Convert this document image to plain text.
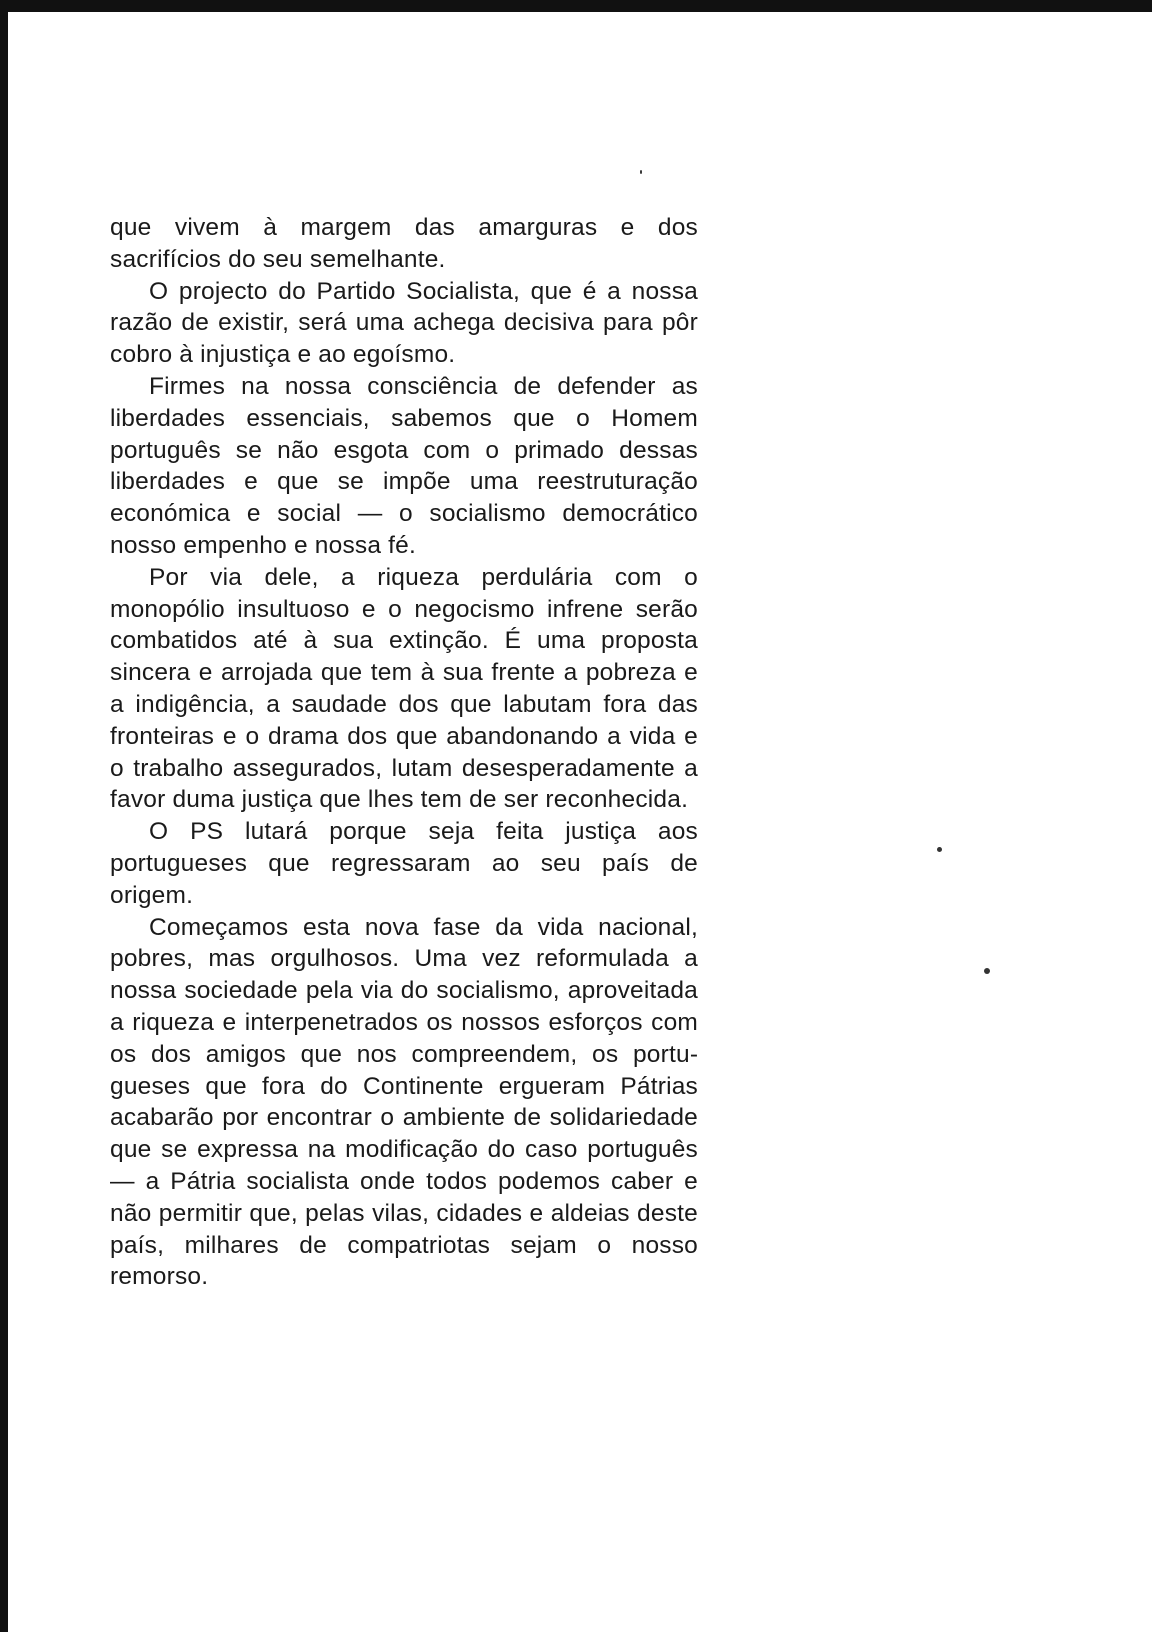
que vivem à margem das amarguras e dos sacrifícios do seu semelhante.

O projecto do Partido Socialista, que é a nossa razão de existir, será uma achega decisiva para pôr cobro à injustiça e ao egoísmo.

Firmes na nossa consciência de defender as liberdades essenciais, sabemos que o Homem português se não esgota com o primado dessas liberdades e que se impõe uma reestruturação económica e social — o socialismo democrático nosso empenho e nossa fé.

Por via dele, a riqueza perdulária com o monopólio insultuoso e o negocismo infrene serão combatidos até à sua extinção. É uma proposta sincera e arrojada que tem à sua frente a pobreza e a indigência, a saudade dos que labutam fora das fronteiras e o drama dos que abandonando a vida e o trabalho assegurados, lutam desesperadamente a favor duma justiça que lhes tem de ser reconhecida.

O PS lutará porque seja feita justiça aos portugueses que regressaram ao seu país de origem.

Começamos esta nova fase da vida nacional, pobres, mas orgulhosos. Uma vez reformulada a nossa sociedade pela via do socialismo, aproveitada a riqueza e interpenetrados os nossos esforços com os dos amigos que nos compreendem, os portugueses que fora do Continente ergueram Pátrias acabarão por encontrar o ambiente de solidariedade que se expressa na modificação do caso português — a Pátria socialista onde todos podemos caber e não permitir que, pelas vilas, cidades e aldeias deste país, milhares de compatriotas sejam o nosso remorso.
